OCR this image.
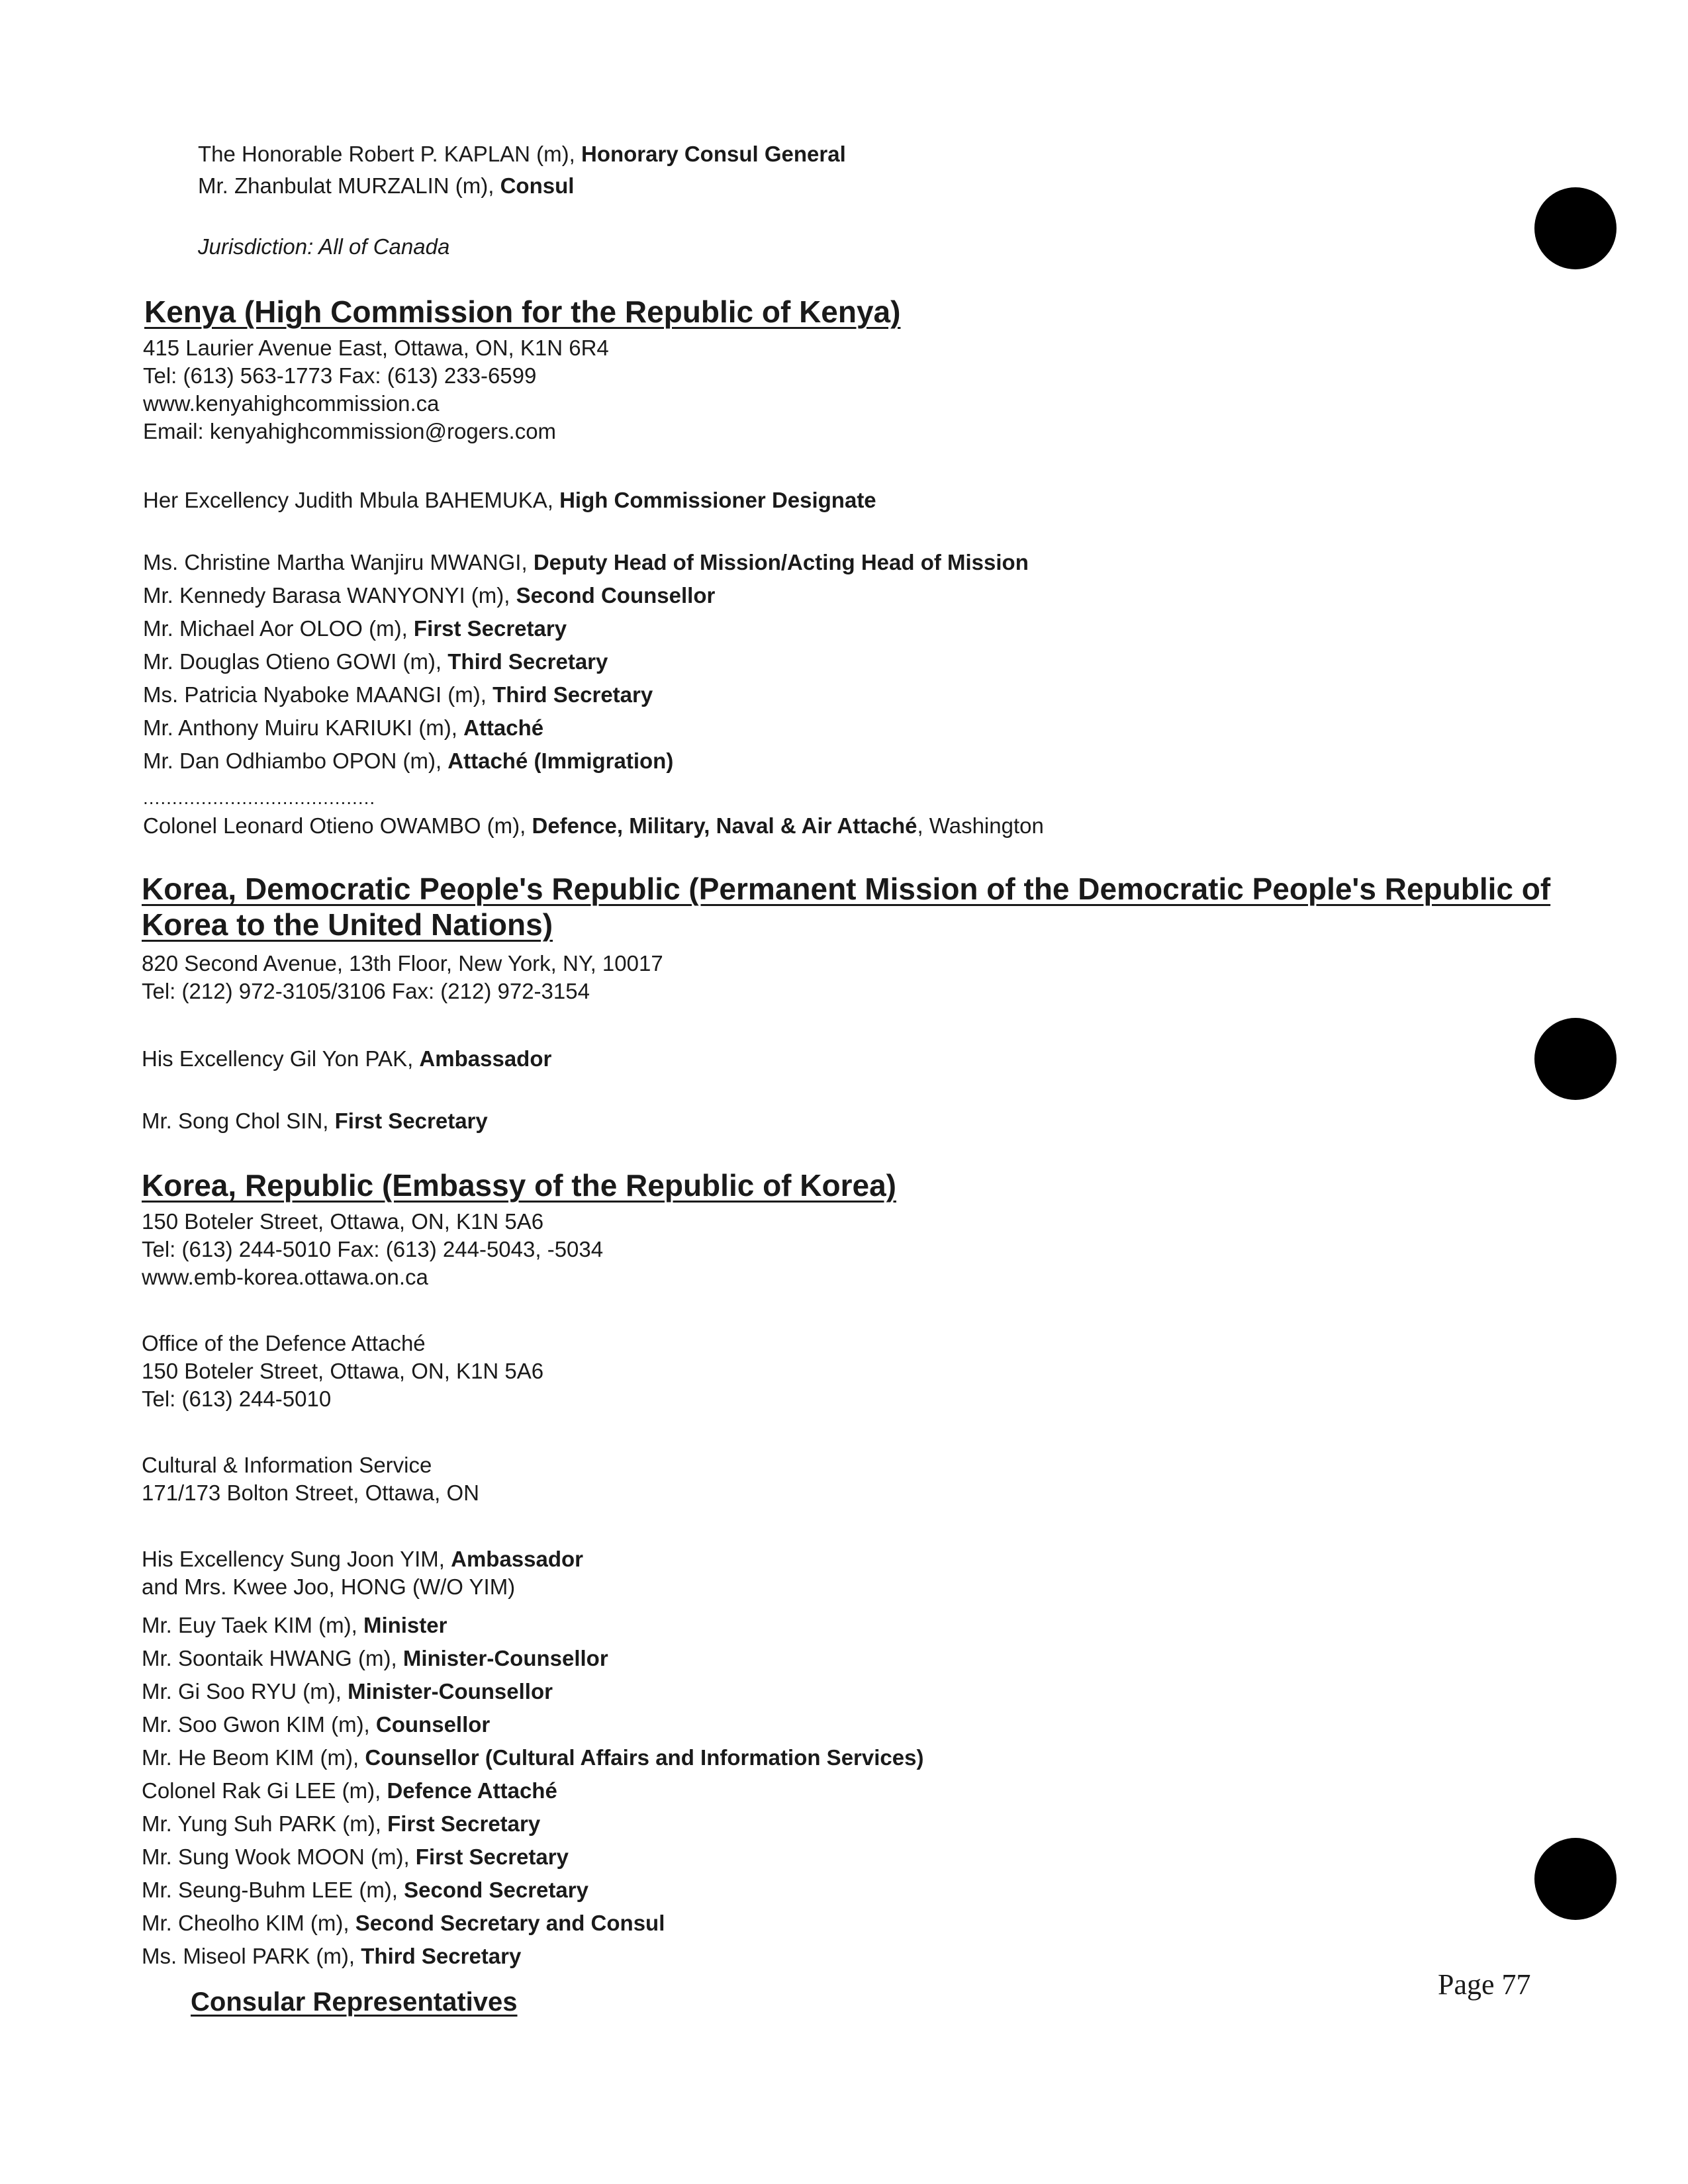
The Honorable Robert P. KAPLAN (m), Honorary Consul General
Mr. Zhanbulat MURZALIN (m), Consul
Jurisdiction: All of Canada
Kenya (High Commission for the Republic of Kenya)
415 Laurier Avenue East, Ottawa, ON, K1N 6R4
Tel: (613) 563-1773 Fax: (613) 233-6599
www.kenyahighcommission.ca
Email: kenyahighcommission@rogers.com
Her Excellency Judith Mbula BAHEMUKA, High Commissioner Designate
Ms. Christine Martha Wanjiru MWANGI, Deputy Head of Mission/Acting Head of Mission
Mr. Kennedy Barasa WANYONYI (m), Second Counsellor
Mr. Michael Aor OLOO (m), First Secretary
Mr. Douglas Otieno GOWI (m), Third Secretary
Ms. Patricia Nyaboke MAANGI (m), Third Secretary
Mr. Anthony Muiru KARIUKI (m), Attaché
Mr. Dan Odhiambo OPON (m), Attaché (Immigration)
........................................
Colonel Leonard Otieno OWAMBO (m), Defence, Military, Naval & Air Attaché, Washington
Korea, Democratic People's Republic (Permanent Mission of the Democratic People's Republic of
Korea to the United Nations)
820 Second Avenue, 13th Floor, New York, NY, 10017
Tel: (212) 972-3105/3106 Fax: (212) 972-3154
His Excellency Gil Yon PAK, Ambassador
Mr. Song Chol SIN, First Secretary
Korea, Republic (Embassy of the Republic of Korea)
150 Boteler Street, Ottawa, ON, K1N 5A6
Tel: (613) 244-5010 Fax: (613) 244-5043, -5034
www.emb-korea.ottawa.on.ca
Office of the Defence Attaché
150 Boteler Street, Ottawa, ON, K1N 5A6
Tel: (613) 244-5010
Cultural & Information Service
171/173 Bolton Street, Ottawa, ON
His Excellency Sung Joon YIM, Ambassador
and Mrs. Kwee Joo, HONG (W/O YIM)
Mr. Euy Taek KIM (m), Minister
Mr. Soontaik HWANG (m), Minister-Counsellor
Mr. Gi Soo RYU (m), Minister-Counsellor
Mr. Soo Gwon KIM (m), Counsellor
Mr. He Beom KIM (m), Counsellor (Cultural Affairs and Information Services)
Colonel Rak Gi LEE (m), Defence Attaché
Mr. Yung Suh PARK (m), First Secretary
Mr. Sung Wook MOON (m), First Secretary
Mr. Seung-Buhm LEE (m), Second Secretary
Mr. Cheolho KIM (m), Second Secretary and Consul
Ms. Miseol PARK (m), Third Secretary
Consular Representatives
Page 77
